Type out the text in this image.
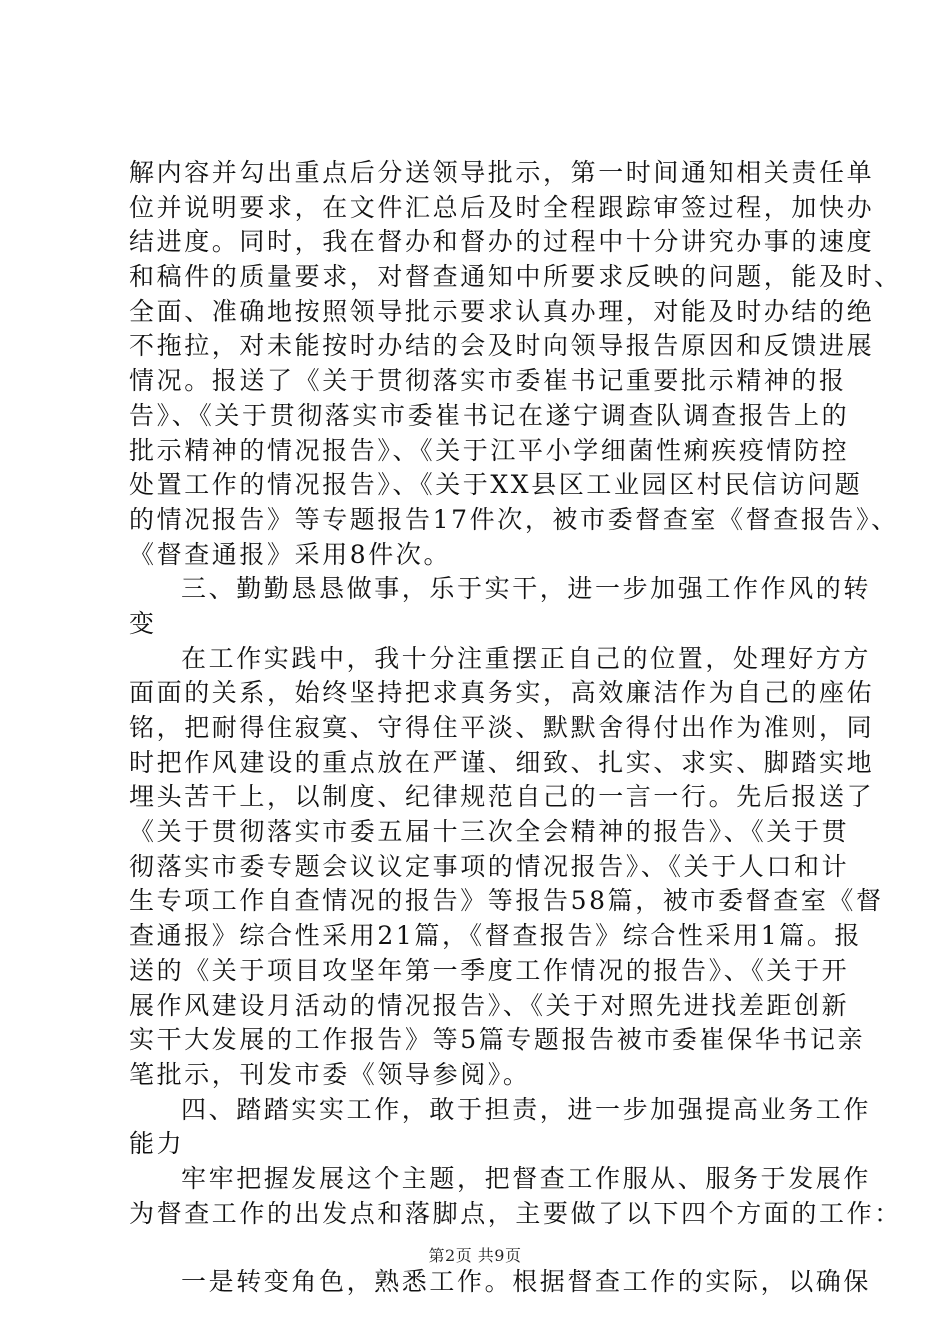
解内容并勾出重点后分送领导批示，第一时间通知相关责任单
位并说明要求，在文件汇总后及时全程跟踪审签过程，加快办
结进度。同时，我在督办和督办的过程中十分讲究办事的速度
和稿件的质量要求，对督查通知中所要求反映的问题，能及时、
全面、准确地按照领导批示要求认真办理，对能及时办结的绝
不拖拉，对未能按时办结的会及时向领导报告原因和反馈进展
情况。报送了《关于贯彻落实市委崔书记重要批示精神的报
告》、《关于贯彻落实市委崔书记在遂宁调查队调查报告上的
批示精神的情况报告》、《关于江平小学细菌性痢疾疫情防控
处置工作的情况报告》、《关于XX县区工业园区村民信访问题
的情况报告》等专题报告17件次，被市委督查室《督查报告》、
《督查通报》采用8件次。
三、勤勤恳恳做事，乐于实干，进一步加强工作作风的转
变
在工作实践中，我十分注重摆正自己的位置，处理好方方
面面的关系，始终坚持把求真务实，高效廉洁作为自己的座佑
铭，把耐得住寂寞、守得住平淡、默默舍得付出作为准则，同
时把作风建设的重点放在严谨、细致、扎实、求实、脚踏实地
埋头苦干上，以制度、纪律规范自己的一言一行。先后报送了
《关于贯彻落实市委五届十三次全会精神的报告》、《关于贯
彻落实市委专题会议议定事项的情况报告》、《关于人口和计
生专项工作自查情况的报告》等报告58篇，被市委督查室《督
查通报》综合性采用21篇，《督查报告》综合性采用1篇。报
送的《关于项目攻坚年第一季度工作情况的报告》、《关于开
展作风建设月活动的情况报告》、《关于对照先进找差距创新
实干大发展的工作报告》等5篇专题报告被市委崔保华书记亲
笔批示，刊发市委《领导参阅》。
四、踏踏实实工作，敢于担责，进一步加强提高业务工作
能力
牢牢把握发展这个主题，把督查工作服从、服务于发展作
为督查工作的出发点和落脚点，主要做了以下四个方面的工作：
一是转变角色，熟悉工作。根据督查工作的实际，以确保
第2页 共9页
